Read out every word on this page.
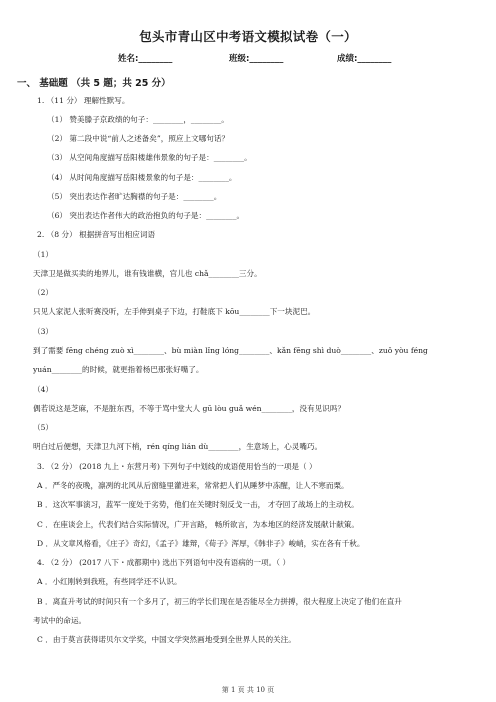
包头市青山区中考语文模拟试卷（一）
姓名:________	班级:________	成绩:________
一、 基础题 （共 5 题；共 25 分）
1. （11 分） 理解性默写。
（1） 赞美滕子京政绩的句子：________，________。
（2） 第二段中说“前人之述备矣”，照应上文哪句话？
（3） 从空间角度描写岳阳楼雄伟景象的句子是：________。
（4） 从时间角度描写岳阳楼景象的句子是：________。
（5） 突出表达作者旷达胸襟的句子是：________。
（6） 突出表达作者伟大的政治抱负的句子是：________。
2. （8 分） 根据拼音写出相应词语
（1）
天津卫是做买卖的地界儿，谁有钱谁横，官儿也 chǎ________三分。
（2）
只见人家泥人张听赛没听，左手伸到桌子下边，打鞋底下 kōu________下一块泥巴。
（3）
到了需要 fēng chéng zuò xì________、bù miàn lǐng lóng________、kǎn fēng shì duò________、zuǒ yòu féng
yuán________的时候，就更指着杨巴那张好嘴了。
（4）
偶若说这是芝麻，不是脏东西，不等于骂中堂大人 gū lòu guǎ wén________，没有见识吗？
（5）
明白过后便想，天津卫九河下梢，rén qíng lián dù________，生意场上，心灵嘴巧。
3. （2 分） (2018 九上・东营月考) 下列句子中划线的成语使用恰当的一项是（ ）
A ．严冬的夜晚，凛冽的北风从后窗缝里灌进来，常常把人们从睡梦中冻醒，让人不寒而栗。
B ．这次军事演习，蓝军一度处于劣势，他们在关键时刻反戈一击， 才夺回了战场上的主动权。
C ．在座谈会上，代表们结合实际情况，广开言路， 畅所欲言，为本地区的经济发展献计献策。
D ．从文章风格看，《庄子》奇幻，《孟子》雄辩，《荀子》浑厚，《韩非子》峻峭，实在各有千秋。
4. （2 分） (2017 八下・成都期中) 选出下列语句中没有语病的一项。（ ）
A ．小红刚转到我班，有些同学还不认识。
B ．离直升考试的时间只有一个多月了，初三的学长们现在是否能尽全力拼搏，很大程度上决定了他们在直升
考试中的命运。
C ．由于莫言获得诺贝尔文学奖，中国文学突然画地受到全世界人民的关注。
第 1 页 共 10 页
